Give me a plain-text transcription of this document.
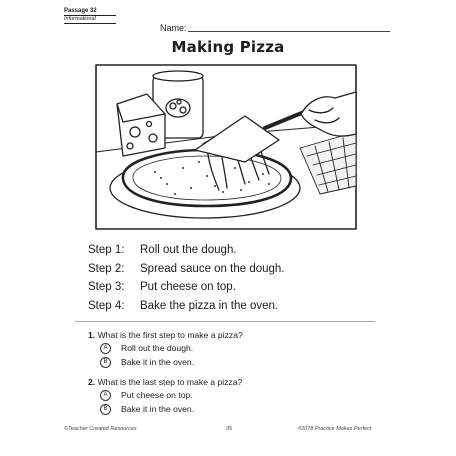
Passage 32
Informational
Name:
Making Pizza
Step 1: Roll out the dough.
Step 2: Spread sauce on the dough.
Step 3: Put cheese on top.
Step 4: Bake the pizza in the oven.
1. What is the first step to make a pizza?
A Roll out the dough.
B Bake it in the oven.
2. What is the last step to make a pizza?
A Put cheese on top.
B Bake it in the oven.
©Teacher Created Resources	35	#2078 Practice Makes Perfect
